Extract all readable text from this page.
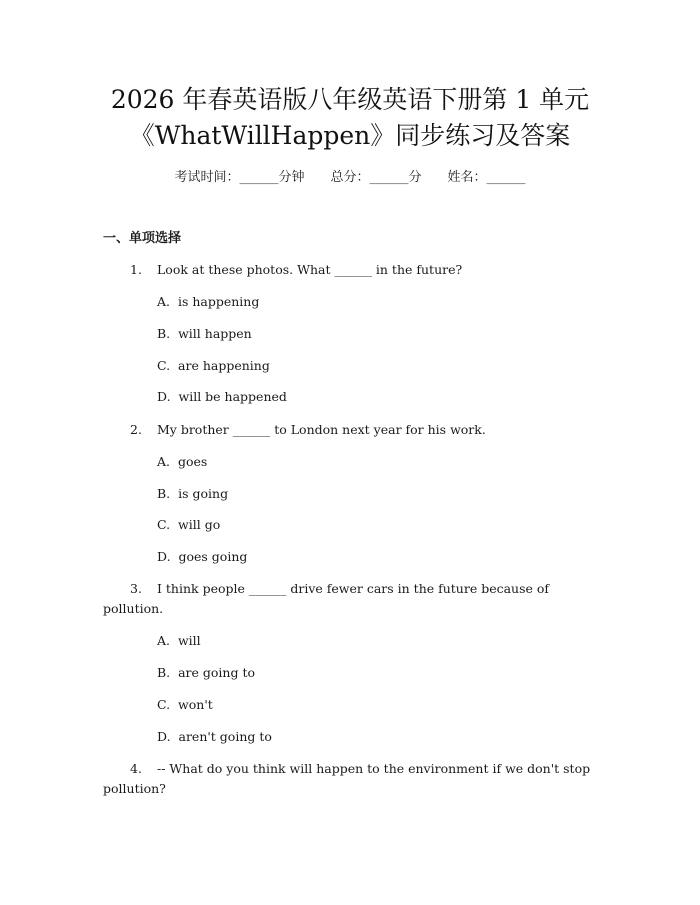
2026 年春英语版八年级英语下册第 1 单元
《WhatWillHappen》同步练习及答案
考试时间：______分钟 总分：______分 姓名：______
一、单项选择
1. Look at these photos. What ______ in the future?
A.  is happening
B.  will happen
C.  are happening
D.  will be happened
2. My brother ______ to London next year for his work.
A.  goes
B.  is going
C.  will go
D.  goes going
3. I think people ______ drive fewer cars in the future because of pollution.
A.  will
B.  are going to
C.  won't
D.  aren't going to
4. -- What do you think will happen to the environment if we don't stop pollution?
